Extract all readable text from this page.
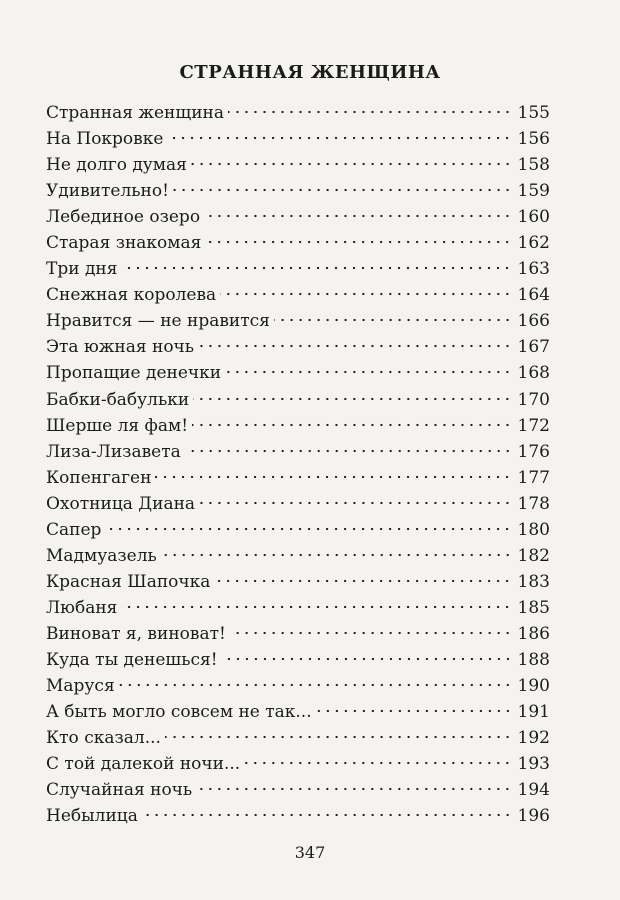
СТРАННАЯ ЖЕНЩИНА
Странная женщина	155
На Покровке	156
Не долго думая	158
Удивительно!	159
Лебединое озеро	160
Старая знакомая	162
Три дня	163
Снежная королева	164
Нравится — не нравится	166
Эта южная ночь	167
Пропащие денечки	168
Бабки-бабульки	170
Шерше ля фам!	172
Лиза-Лизавета	176
Копенгаген	177
Охотница Диана	178
Сапер	180
Мадмуазель	182
Красная Шапочка	183
Любаня	185
Виноват я, виноват!	186
Куда ты денешься!	188
Маруся	190
А быть могло совсем не так...	191
Кто сказал...	192
С той далекой ночи...	193
Случайная ночь	194
Небылица	196
347
